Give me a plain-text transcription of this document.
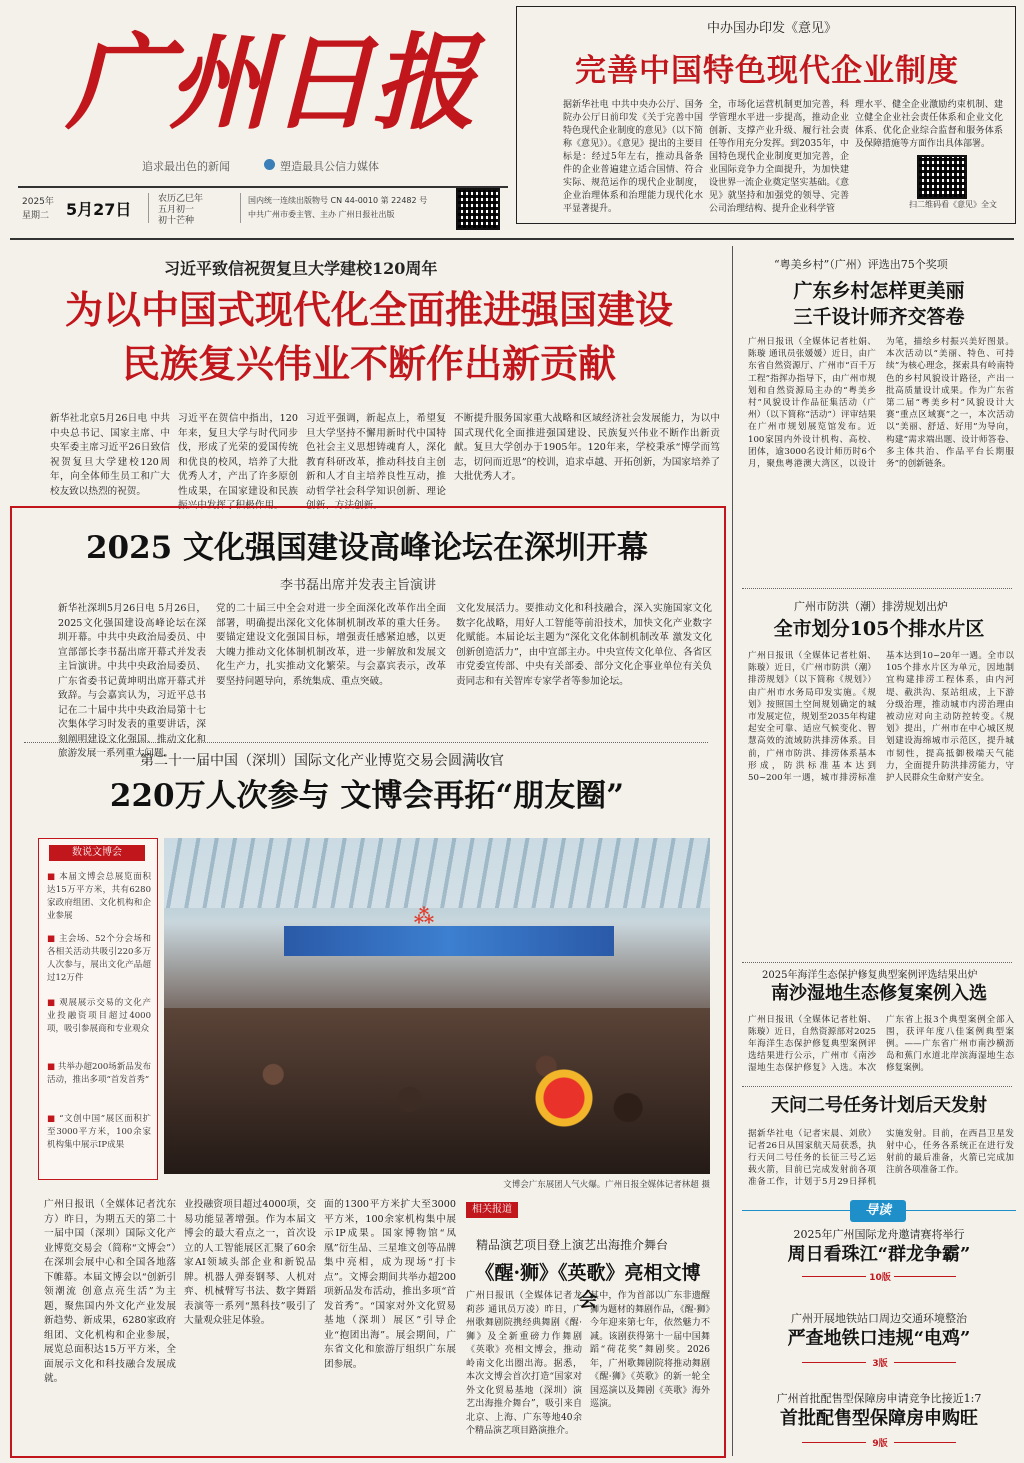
广州日报
追求最出色的新闻	塑造最具公信力媒体
2025年
星期二 5月27日
农历乙巳年
五月初一
初十芒种
国内统一连续出版物号 CN 44-0010 第 22482 号
中共广州市委主管、主办 广州日报社出版
中办国办印发《意见》
完善中国特色现代企业制度
据新华社电 中共中央办公厅、国务院办公厅日前印发《关于完善中国特色现代企业制度的意见》（以下简称《意见》）。《意见》提出的主要目标是：经过5年左右，推动具备条件的企业普遍建立适合国情、符合实际、规范运作的现代企业制度，企业治理体系和治理能力现代化水平显著提升。
全，市场化运营机制更加完善，科学管理水平进一步提高，推动企业创新、支撑产业升级、履行社会责任等作用充分发挥。到2035年，中国特色现代企业制度更加完善，企业国际竞争力全面提升，为加快建设世界一流企业奠定坚实基础。《意见》就坚持和加强党的领导、完善公司治理结构、提升企业科学管
理水平、健全企业激励约束机制、建立健全企业社会责任体系和企业文化体系、优化企业综合监督和服务体系及保障措施等方面作出具体部署。
扫二维码看《意见》全文
习近平致信祝贺复旦大学建校120周年
为以中国式现代化全面推进强国建设
民族复兴伟业不断作出新贡献
新华社北京5月26日电 中共中央总书记、国家主席、中央军委主席习近平26日致信祝贺复旦大学建校120周年，向全体师生员工和广大校友致以热烈的祝贺。
习近平在贺信中指出，120年来，复旦大学与时代同步伐，形成了光荣的爱国传统和优良的校风，培养了大批优秀人才，产出了许多原创性成果，在国家建设和民族振兴中发挥了积极作用。
习近平强调，新起点上，希望复旦大学坚持不懈用新时代中国特色社会主义思想铸魂育人，深化教育科研改革，推动科技自主创新和人才自主培养良性互动，推动哲学社会科学知识创新、理论创新、方法创新。
不断提升服务国家重大战略和区域经济社会发展能力，为以中国式现代化全面推进强国建设、民族复兴伟业不断作出新贡献。复旦大学创办于1905年。120年来，学校秉承“博学而笃志，切问而近思”的校训，追求卓越、开拓创新，为国家培养了大批优秀人才。
2025 文化强国建设高峰论坛在深圳开幕
李书磊出席并发表主旨演讲
新华社深圳5月26日电 5月26日，2025文化强国建设高峰论坛在深圳开幕。中共中央政治局委员、中宣部部长李书磊出席开幕式并发表主旨演讲。中共中央政治局委员、广东省委书记黄坤明出席开幕式并致辞。与会嘉宾认为，习近平总书记在二十届中共中央政治局第十七次集体学习时发表的重要讲话，深刻阐明建设文化强国、推动文化和旅游发展一系列重大问题。
党的二十届三中全会对进一步全面深化改革作出全面部署，明确提出深化文化体制机制改革的重大任务。要锚定建设文化强国目标，增强责任感紧迫感，以更大魄力推动文化体制机制改革，进一步解放和发展文化生产力，扎实推动文化繁荣。与会嘉宾表示，改革要坚持问题导向，系统集成、重点突破。
文化发展活力。要推动文化和科技融合，深入实施国家文化数字化战略，用好人工智能等前沿技术，加快文化产业数字化赋能。本届论坛主题为“深化文化体制机制改革 激发文化创新创造活力”，由中宣部主办。中央宣传文化单位、各省区市党委宣传部、中央有关部委、部分文化企事业单位有关负责同志和有关智库专家学者等参加论坛。
第二十一届中国（深圳）国际文化产业博览交易会圆满收官
220万人次参与 文博会再拓“朋友圈”
数说文博会
■ 本届文博会总展览面积达15万平方米，共有6280家政府组团、文化机构和企业参展
■ 主会场、52个分会场和各相关活动共吸引220多万人次参与，展出文化产品超过12万件
■ 观展展示交易的文化产业投融资项目超过4000项，吸引参展商和专业观众
■ 共举办超200场新品发布活动，推出多项“首发首秀”
■ “文创中国”展区面积扩至3000平方米，100余家机构集中展示IP成果
⁂
文博会广东展团人气火爆。广州日报全媒体记者林超 摄
广州日报讯（全媒体记者沈东方）昨日，为期五天的第二十一届中国（深圳）国际文化产业博览交易会（简称“文博会”）在深圳会展中心和全国各地落下帷幕。本届文博会以“创新引领潮流 创意点亮生活”为主题，聚焦国内外文化产业发展新趋势、新成果，6280家政府组团、文化机构和企业参展，展览总面积达15万平方米，全面展示文化和科技融合发展成就。
业投融资项目超过4000项，交易功能显著增强。作为本届文博会的最大看点之一，首次设立的人工智能展区汇聚了60余家AI领域头部企业和新锐品牌。机器人弹奏钢琴、人机对弈、机械臂写书法、数字舞蹈表演等一系列“黑科技”吸引了大量观众驻足体验。
面的1300平方米扩大至3000平方米，100余家机构集中展示IP成果。国家博物馆“凤凰”衍生品、三星堆文创等品牌集中亮相，成为现场“打卡点”。文博会期间共举办超200项新品发布活动，推出多项“首发首秀”。“国家对外文化贸易基地（深圳）展区”引导企业“抱团出海”。展会期间，广东省文化和旅游厅组织广东展团参展。
相关报道
精品演艺项目登上演艺出海推介舞台
《醒·狮》《英歌》亮相文博会
广州日报讯（全媒体记者龙莉莎 通讯员万凌）昨日，广州歌舞剧院携经典舞剧《醒·狮》及全新重磅力作舞剧《英歌》亮相文博会，推动岭南文化出圈出海。据悉，本次文博会首次打造“国家对外文化贸易基地（深圳）演艺出海推介舞台”，吸引来自北京、上海、广东等地40余个精品演艺项目路演推介。
其中，作为首部以广东非遗醒狮为题材的舞剧作品，《醒·狮》今年迎来第七年，依然魅力不减。该剧获得第十一届中国舞蹈“荷花奖”舞剧奖。2026年，广州歌舞剧院将推动舞剧《醒·狮》《英歌》的新一轮全国巡演以及舞剧《英歌》海外巡演。
“粤美乡村”（广州）评选出75个奖项
广东乡村怎样更美丽
三千设计师齐交答卷
广州日报讯（全媒体记者杜娟、陈璇 通讯员张媛媛）近日，由广东省自然资源厅、广州市“百千万工程”指挥办指导下，由广州市规划和自然资源局主办的“粤美乡村”风貌设计作品征集活动（广州）（以下简称“活动”）评审结果在广州市规划展览馆发布。近100家国内外设计机构、高校、团体，逾3000名设计师历时6个月，聚焦粤港澳大湾区，以设计为笔，描绘乡村振兴美好图景。本次活动以“美丽、特色、可持续”为核心理念，探索具有岭南特色的乡村风貌设计路径，产出一批高质量设计成果。作为广东省第二届“粤美乡村”风貌设计大赛“重点区域赛”之一，本次活动以“美丽、舒适、好用”为导向，构建“需求端出题、设计师答卷、多主体共治、作品平台长期服务”的创新链条。
广州市防洪（潮）排涝规划出炉
全市划分105个排水片区
广州日报讯（全媒体记者杜娟、陈璇）近日，《广州市防洪（潮）排涝规划》（以下简称《规划》）由广州市水务局印发实施。《规划》按照国土空间规划确定的城市发展定位，规划至2035年构建起安全可靠、适应气候变化、智慧高效的流域防洪排涝体系。目前，广州市防洪、排涝体系基本形成，防洪标准基本达到50~200年一遇，城市排涝标准基本达到10~20年一遇。全市以105个排水片区为单元，因地制宜构建排涝工程体系，由内河堤、截洪沟、泵站组成，上下游分级治理，推动城市内涝治理由被动应对向主动防控转变。《规划》提出，广州市在中心城区规划建设海绵城市示范区，提升城市韧性，提高抵御极端天气能力，全面提升防洪排涝能力，守护人民群众生命财产安全。
2025年海洋生态保护修复典型案例评选结果出炉
南沙湿地生态修复案例入选
广州日报讯（全媒体记者杜娟、陈璇）近日，自然资源部对2025年海洋生态保护修复典型案例评选结果进行公示，广州市《南沙湿地生态保护修复》入选。本次广东省上报3个典型案例全部入围，获评年度八佳案例典型案例。——广东省广州市南沙横沥岛和蕉门水道北岸滨海湿地生态修复案例。
天问二号任务计划后天发射
据新华社电（记者宋晨、刘欣）记者26日从国家航天局获悉，执行天问二号任务的长征三号乙运载火箭，目前已完成发射前各项准备工作，计划于5月29日择机实施发射。目前，在西昌卫星发射中心，任务各系统正在进行发射前的最后准备，火箭已完成加注前各项准备工作。
导读
2025年广州国际龙舟邀请赛将举行
周日看珠江“群龙争霸”
10版
广州开展地铁站口周边交通环境整治
严查地铁口违规“电鸡”
3版
广州首批配售型保障房申请竞争比接近1:7
首批配售型保障房申购旺
9版
